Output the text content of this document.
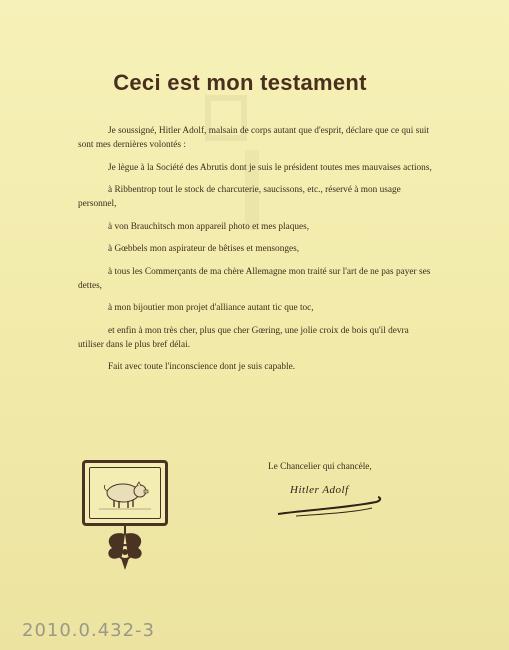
Ceci est mon testament

Je soussigné, Hitler Adolf, malsain de corps autant que d'esprit, déclare que ce qui suit sont mes dernières volontés :

Je lègue à la Société des Abrutis dont je suis le président toutes mes mauvaises actions,

à Ribbentrop tout le stock de charcuterie, saucissons, etc., réservé à mon usage personnel,

à von Brauchitsch mon appareil photo et mes plaques,

à Gœbbels mon aspirateur de bêtises et mensonges,

à tous les Commerçants de ma chère Allemagne mon traité sur l'art de ne pas payer ses dettes,

à mon bijoutier mon projet d'alliance autant tic que toc,

et enfin à mon très cher, plus que cher Gœring, une jolie croix de bois qu'il devra utiliser dans le plus bref délai.

Fait avec toute l'inconscience dont je suis capable.

Le Chancelier qui chancèle,
Hitler Adolf
2010.0.432-3
